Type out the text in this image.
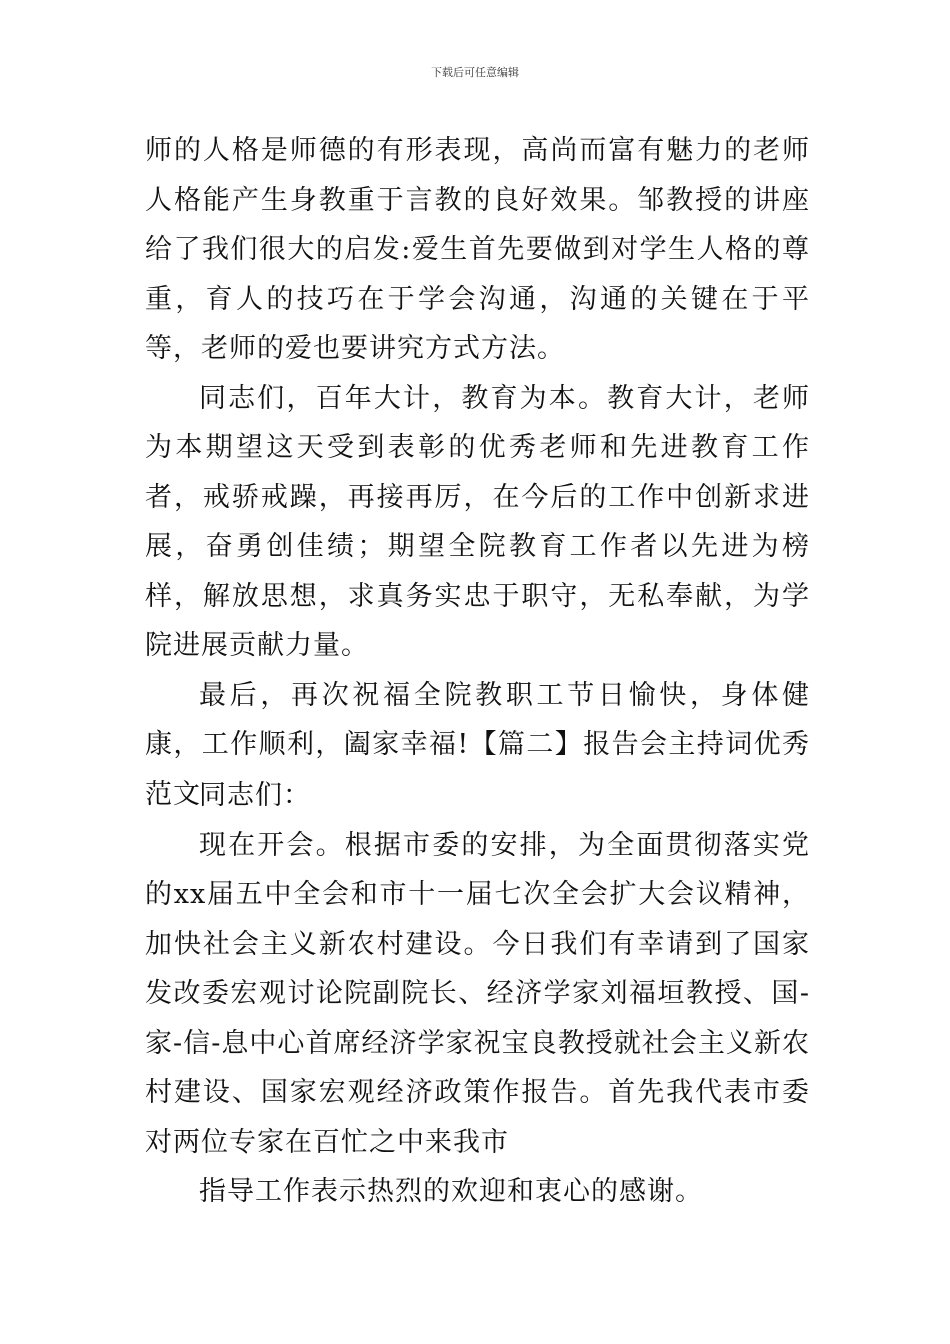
下载后可任意编辑

师的人格是师德的有形表现，高尚而富有魅力的老师人格能产生身教重于言教的良好效果。邹教授的讲座给了我们很大的启发:爱生首先要做到对学生人格的尊重，育人的技巧在于学会沟通，沟通的关键在于平等，老师的爱也要讲究方式方法。

同志们，百年大计，教育为本。教育大计，老师为本期望这天受到表彰的优秀老师和先进教育工作者，戒骄戒躁，再接再厉，在今后的工作中创新求进展，奋勇创佳绩；期望全院教育工作者以先进为榜样，解放思想，求真务实忠于职守，无私奉献，为学院进展贡献力量。

最后，再次祝福全院教职工节日愉快，身体健康，工作顺利，阖家幸福!【篇二】报告会主持词优秀范文

同志们：

现在开会。根据市委的安排，为全面贯彻落实党的xx届五中全会和市十一届七次全会扩大会议精神，加快社会主义新农村建设。今日我们有幸请到了国家发改委宏观讨论院副院长、经济学家刘福垣教授、国-家-信-息中心首席经济学家祝宝良教授就社会主义新农村建设、国家宏观经济政策作报告。首先我代表市委对两位专家在百忙之中来我市

指导工作表示热烈的欢迎和衷心的感谢。
